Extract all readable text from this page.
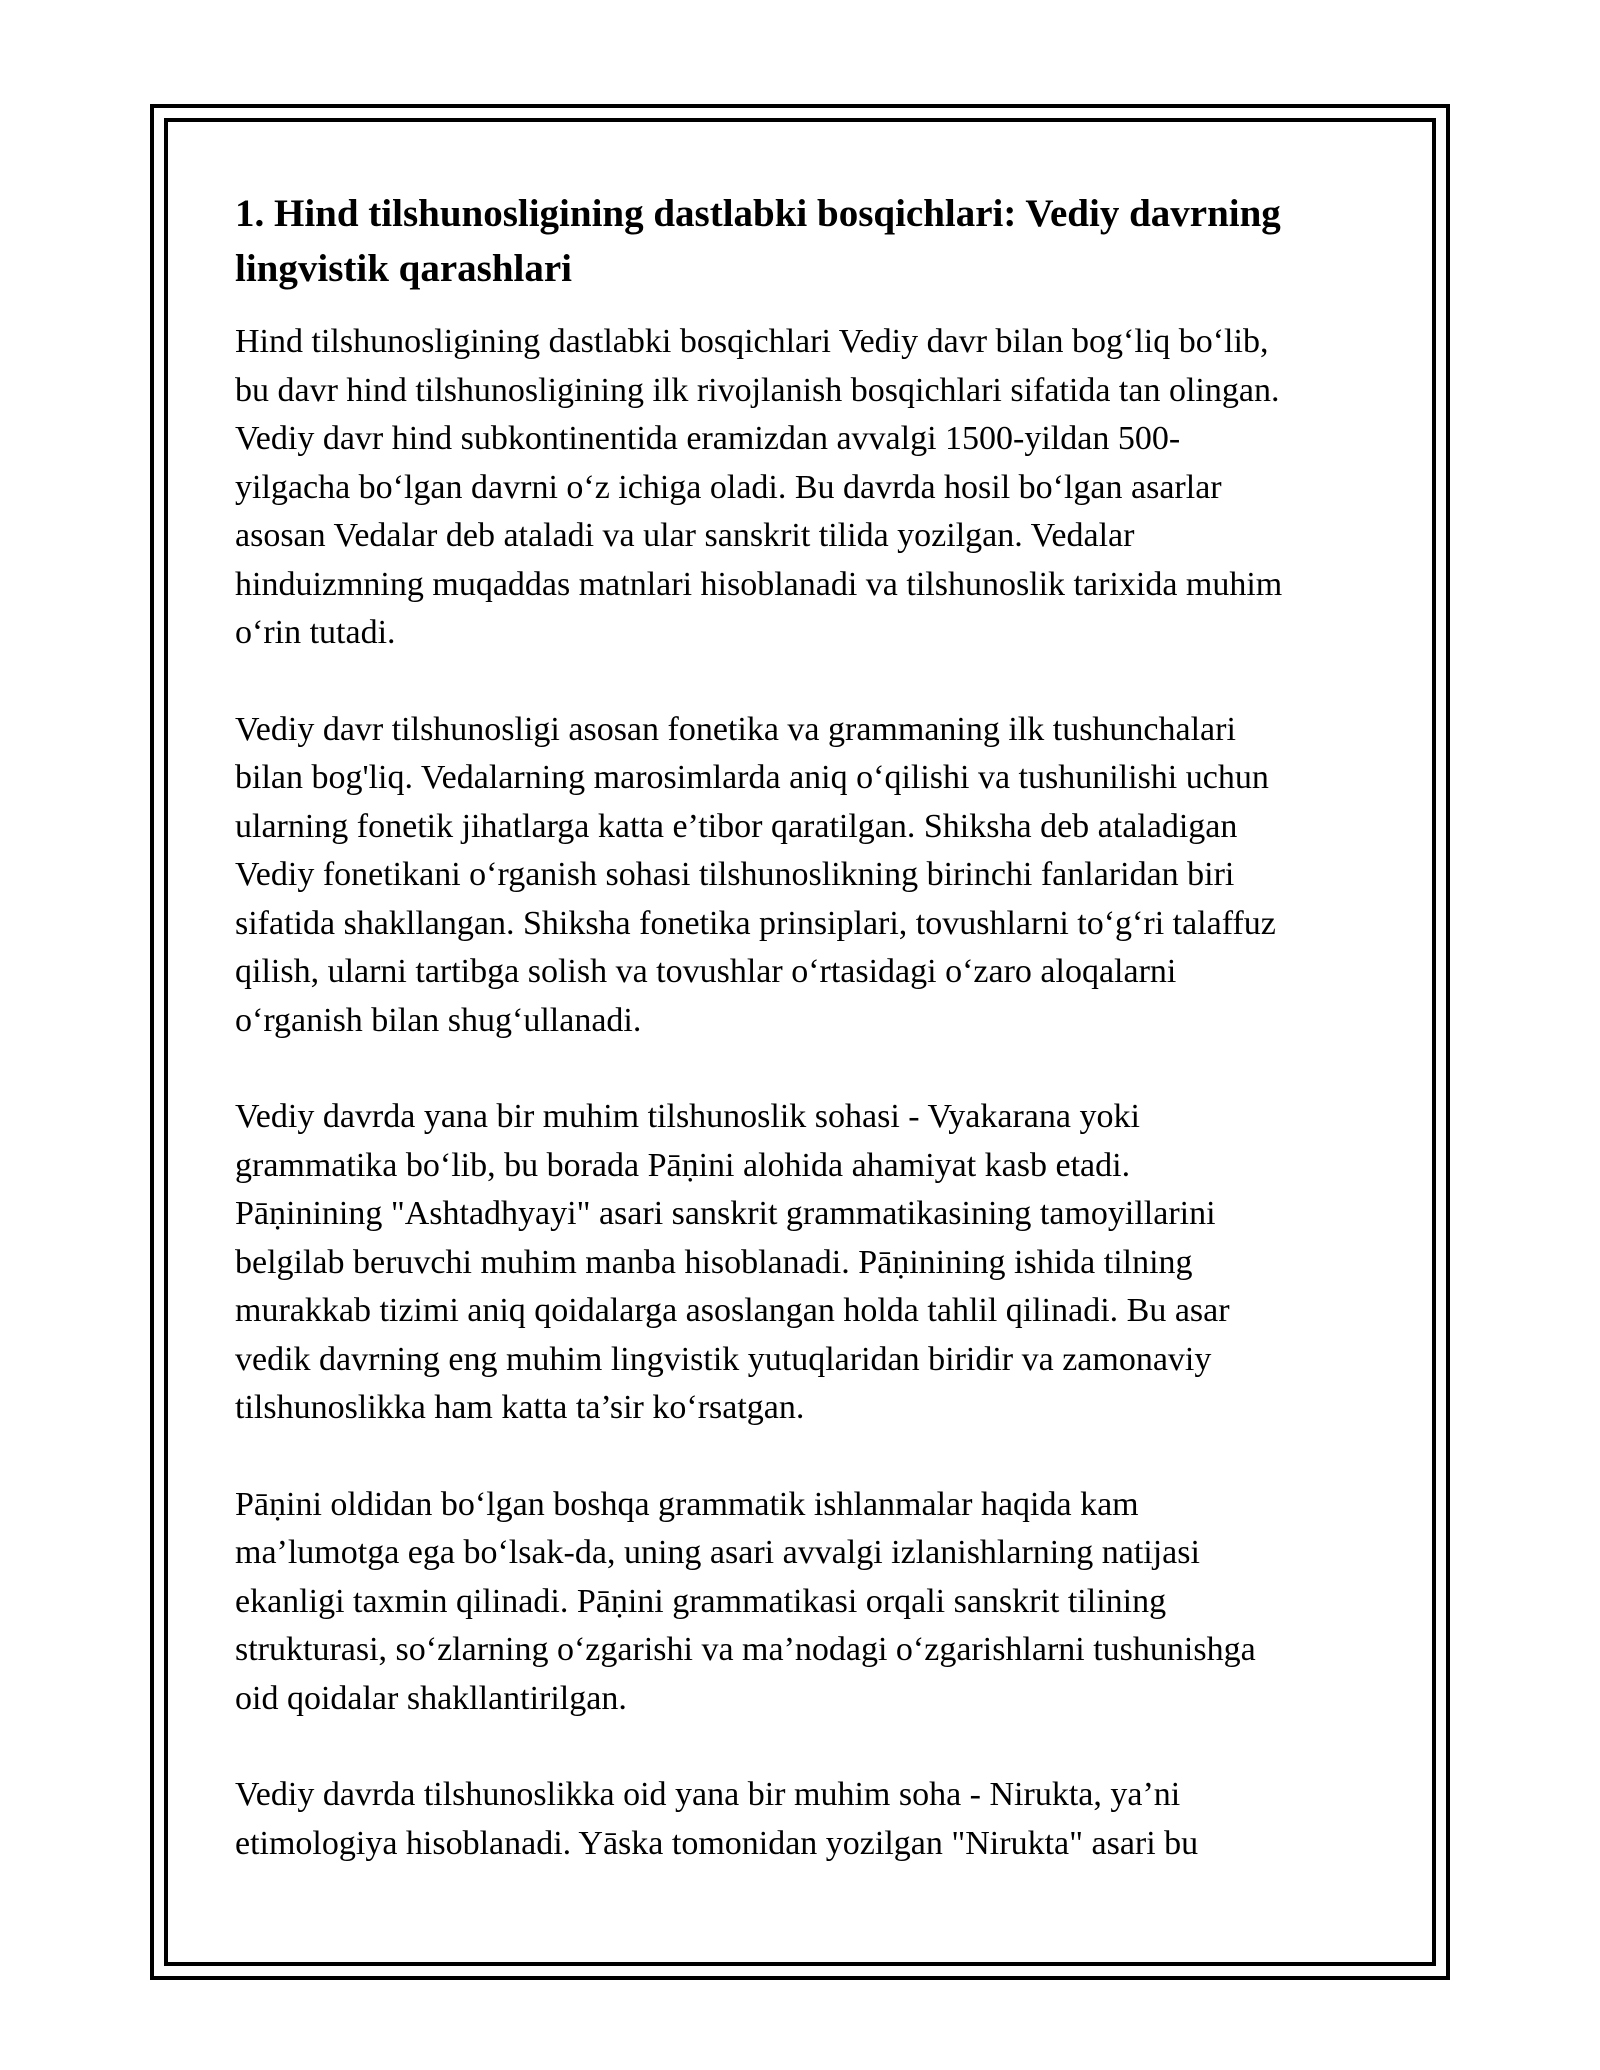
1. Hind tilshunosligining dastlabki bosqichlari: Vediy davrning lingvistik qarashlari

Hind tilshunosligining dastlabki bosqichlari Vediy davr bilan bog‘liq bo‘lib,
bu davr hind tilshunosligining ilk rivojlanish bosqichlari sifatida tan olingan.
Vediy davr hind subkontinentida eramizdan avvalgi 1500-yildan 500-
yilgacha bo‘lgan davrni o‘z ichiga oladi. Bu davrda hosil bo‘lgan asarlar
asosan Vedalar deb ataladi va ular sanskrit tilida yozilgan. Vedalar
hinduizmning muqaddas matnlari hisoblanadi va tilshunoslik tarixida muhim
o‘rin tutadi.

Vediy davr tilshunosligi asosan fonetika va grammaning ilk tushunchalari
bilan bog'liq. Vedalarning marosimlarda aniq o‘qilishi va tushunilishi uchun
ularning fonetik jihatlarga katta e’tibor qaratilgan. Shiksha deb ataladigan
Vediy fonetikani o‘rganish sohasi tilshunoslikning birinchi fanlaridan biri
sifatida shakllangan. Shiksha fonetika prinsiplari, tovushlarni to‘g‘ri talaffuz
qilish, ularni tartibga solish va tovushlar o‘rtasidagi o‘zaro aloqalarni
o‘rganish bilan shug‘ullanadi.

Vediy davrda yana bir muhim tilshunoslik sohasi - Vyakarana yoki
grammatika bo‘lib, bu borada Pāṇini alohida ahamiyat kasb etadi.
Pāṇinining "Ashtadhyayi" asari sanskrit grammatikasining tamoyillarini
belgilab beruvchi muhim manba hisoblanadi. Pāṇinining ishida tilning
murakkab tizimi aniq qoidalarga asoslangan holda tahlil qilinadi. Bu asar
vedik davrning eng muhim lingvistik yutuqlaridan biridir va zamonaviy
tilshunoslikka ham katta ta’sir ko‘rsatgan.

Pāṇini oldidan bo‘lgan boshqa grammatik ishlanmalar haqida kam
ma’lumotga ega bo‘lsak-da, uning asari avvalgi izlanishlarning natijasi
ekanligi taxmin qilinadi. Pāṇini grammatikasi orqali sanskrit tilining
strukturasi, so‘zlarning o‘zgarishi va ma’nodagi o‘zgarishlarni tushunishga
oid qoidalar shakllantirilgan.

Vediy davrda tilshunoslikka oid yana bir muhim soha - Nirukta, ya’ni
etimologiya hisoblanadi. Yāska tomonidan yozilgan "Nirukta" asari bu
